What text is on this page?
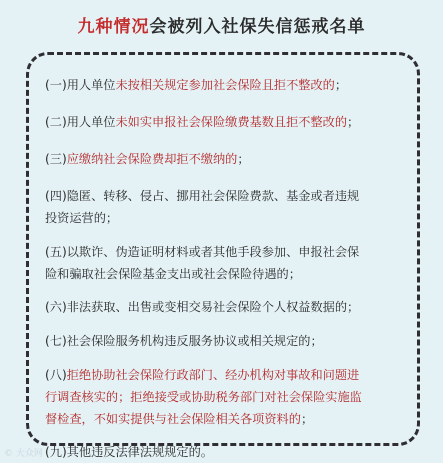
九种情况会被列入社保失信惩戒名单

(一)用人单位未按相关规定参加社会保险且拒不整改的；

(二)用人单位未如实申报社会保险缴费基数且拒不整改的；

(三)应缴纳社会保险费却拒不缴纳的；

(四)隐匿、转移、侵占、挪用社会保险费款、基金或者违规

投资运营的；

(五)以欺诈、伪造证明材料或者其他手段参加、申报社会保

险和骗取社会保险基金支出或社会保险待遇的；

(六)非法获取、出售或变相交易社会保险个人权益数据的；

(七)社会保险服务机构违反服务协议或相关规定的；

(八)拒绝协助社会保险行政部门、经办机构对事故和问题进

行调查核实的；拒绝接受或协助税务部门对社会保险实施监

督检查，不如实提供与社会保险相关各项资料的；

(九)其他违反法律法规规定的。

© 大众网
